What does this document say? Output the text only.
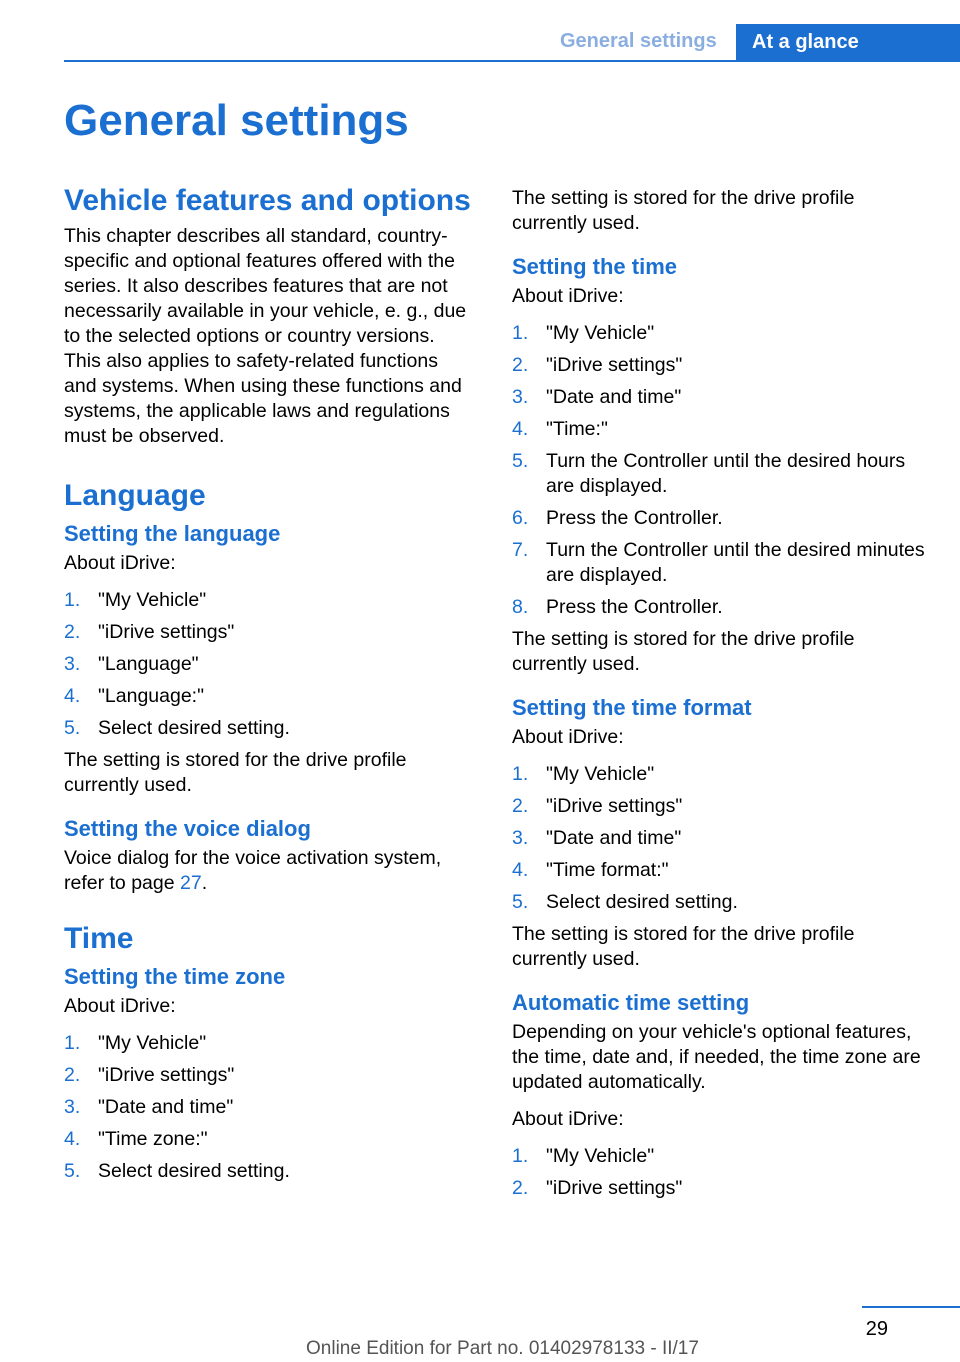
General settings	At a glance
General settings
Vehicle features and options

This chapter describes all standard, country-specific and optional features offered with the series. It also describes features that are not necessarily available in your vehicle, e. g., due to the selected options or country versions. This also applies to safety-related functions and systems. When using these functions and systems, the applicable laws and regulations must be observed.

Language
Setting the language

About iDrive:

1. "My Vehicle"
2. "iDrive settings"
3. "Language"
4. "Language:"
5. Select desired setting.

The setting is stored for the drive profile currently used.

Setting the voice dialog

Voice dialog for the voice activation system, refer to page 27.

Time
Setting the time zone

About iDrive:

1. "My Vehicle"
2. "iDrive settings"
3. "Date and time"
4. "Time zone:"
5. Select desired setting.

The setting is stored for the drive profile currently used.

Setting the time

About iDrive:

1. "My Vehicle"
2. "iDrive settings"
3. "Date and time"
4. "Time:"
5. Turn the Controller until the desired hours are displayed.
6. Press the Controller.
7. Turn the Controller until the desired minutes are displayed.
8. Press the Controller.

The setting is stored for the drive profile currently used.

Setting the time format

About iDrive:

1. "My Vehicle"
2. "iDrive settings"
3. "Date and time"
4. "Time format:"
5. Select desired setting.

The setting is stored for the drive profile currently used.

Automatic time setting

Depending on your vehicle's optional features, the time, date and, if needed, the time zone are updated automatically.

About iDrive:

1. "My Vehicle"
2. "iDrive settings"
29
Online Edition for Part no. 01402978133 - II/17
